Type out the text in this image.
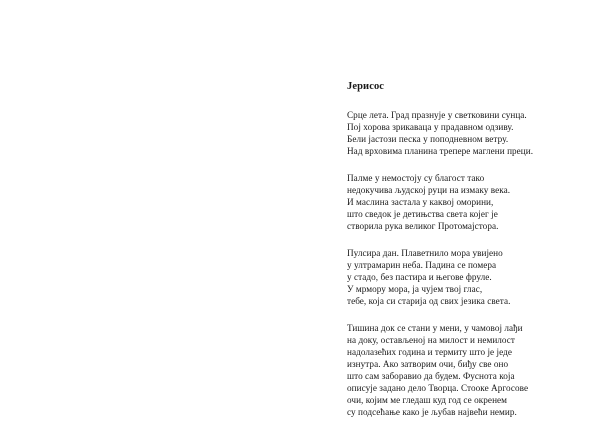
Јерисос
Срце лета. Град празнује у светковини сунца.
Пој хорова зрикаваца у прадавном одзиву.
Бели јастози песка у поподневном ветру.
Над врховима планина трепере маглени преци.
Палме у немостоју су благост тако
недокучива људској руци на измаку века.
И маслина застала у каквој оморини,
што сведок је детињства света којег је
створила рука великог Протомајстора.
Пулсира дан. Плаветнило мора увијено
у ултрамарин неба. Падина се помера
у стадо, без пастира и његове фруле.
У мрмору мора, ја чујем твој глас,
тебе, која си старија од свих језика света.
Тишина док се стани у мени, у чамовој лађи
на доку, остављеној на милост и немилост
надолазећих година и термиту што је једе
изнутра. Ако затворим очи, биђу све оно
што сам заборавио да будем. Фуснота која
описује задано дело Творца. Стооке Аргосове
очи, којим ме гледаш куд год се окренем
су подсећање како је љубав највећи немир.
